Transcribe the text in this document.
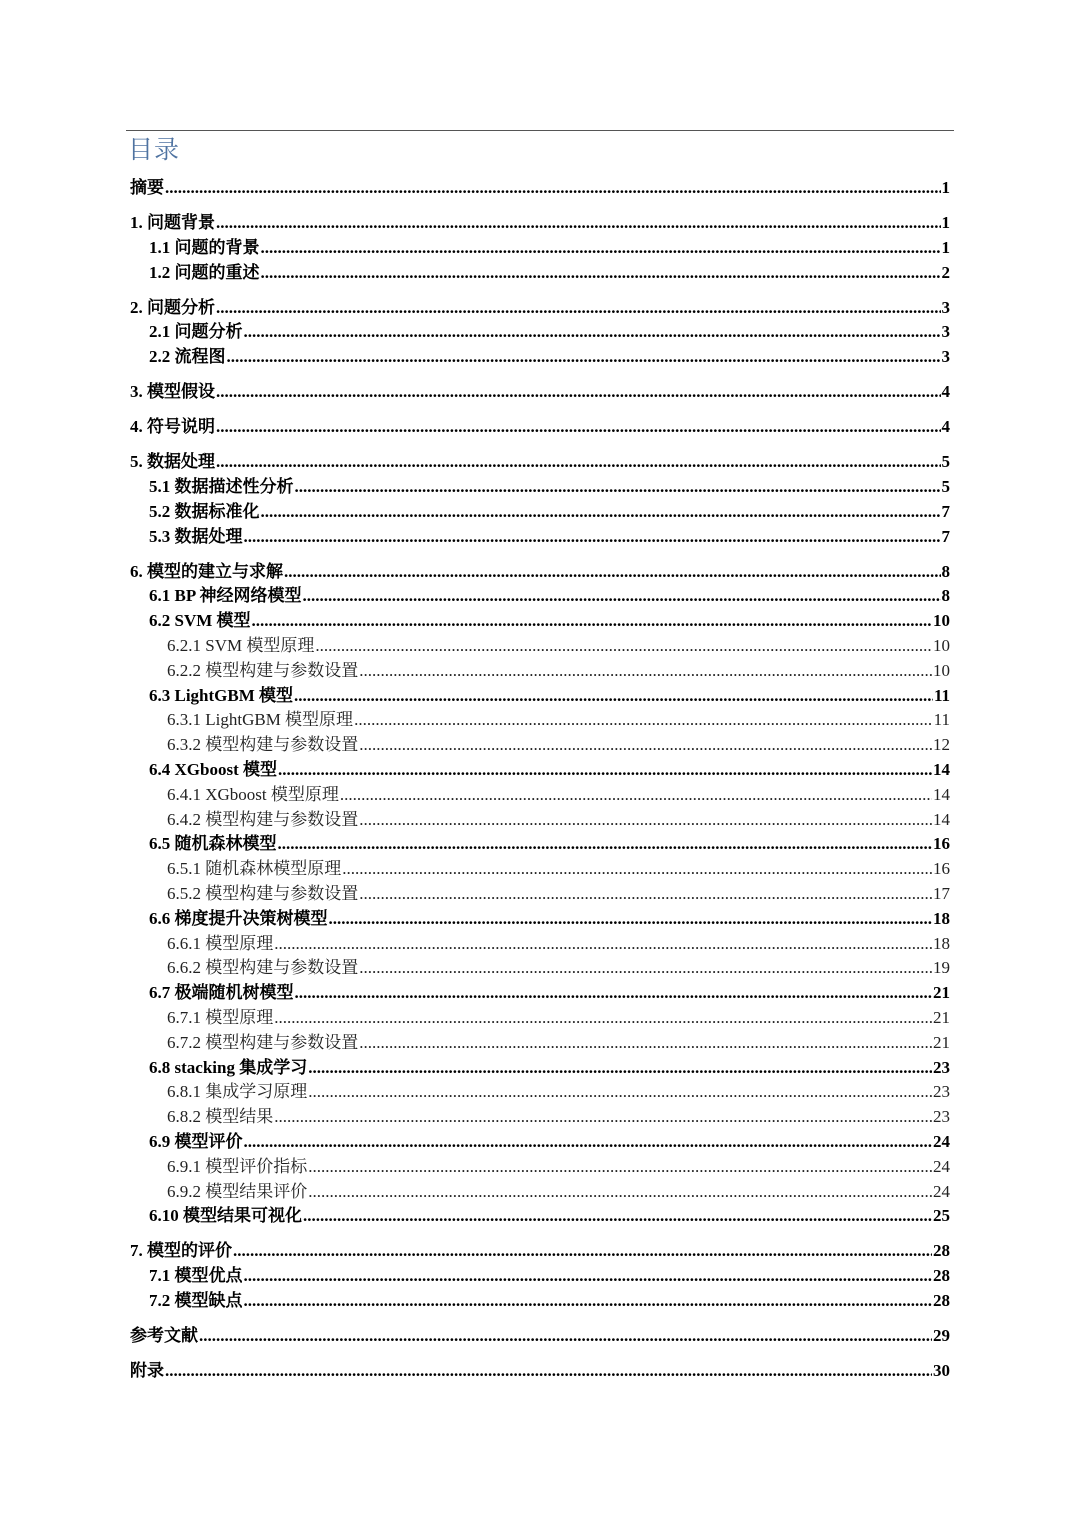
目录
摘要 .....	1
1. 问题背景 .....	1
1.1 问题的背景 .....	1
1.2 问题的重述 .....	2
2. 问题分析 .....	3
2.1 问题分析 .....	3
2.2 流程图 .....	3
3. 模型假设 .....	4
4. 符号说明 .....	4
5. 数据处理 .....	5
5.1 数据描述性分析 .....	5
5.2 数据标准化 .....	7
5.3 数据处理 .....	7
6. 模型的建立与求解 .....	8
6.1 BP 神经网络模型 .....	8
6.2 SVM 模型 .....	10
6.2.1 SVM 模型原理 .....	10
6.2.2 模型构建与参数设置 .....	10
6.3 LightGBM 模型 .....	11
6.3.1 LightGBM 模型原理 .....	11
6.3.2 模型构建与参数设置 .....	12
6.4 XGboost 模型 .....	14
6.4.1 XGboost 模型原理 .....	14
6.4.2 模型构建与参数设置 .....	14
6.5 随机森林模型 .....	16
6.5.1 随机森林模型原理 .....	16
6.5.2 模型构建与参数设置 .....	17
6.6 梯度提升决策树模型 .....	18
6.6.1 模型原理 .....	18
6.6.2 模型构建与参数设置 .....	19
6.7 极端随机树模型 .....	21
6.7.1 模型原理 .....	21
6.7.2 模型构建与参数设置 .....	21
6.8 stacking 集成学习 .....	23
6.8.1 集成学习原理 .....	23
6.8.2 模型结果 .....	23
6.9 模型评价 .....	24
6.9.1 模型评价指标 .....	24
6.9.2 模型结果评价 .....	24
6.10 模型结果可视化 .....	25
7. 模型的评价 .....	28
7.1 模型优点 .....	28
7.2 模型缺点 .....	28
参考文献 .....	29
附录 .....	30
